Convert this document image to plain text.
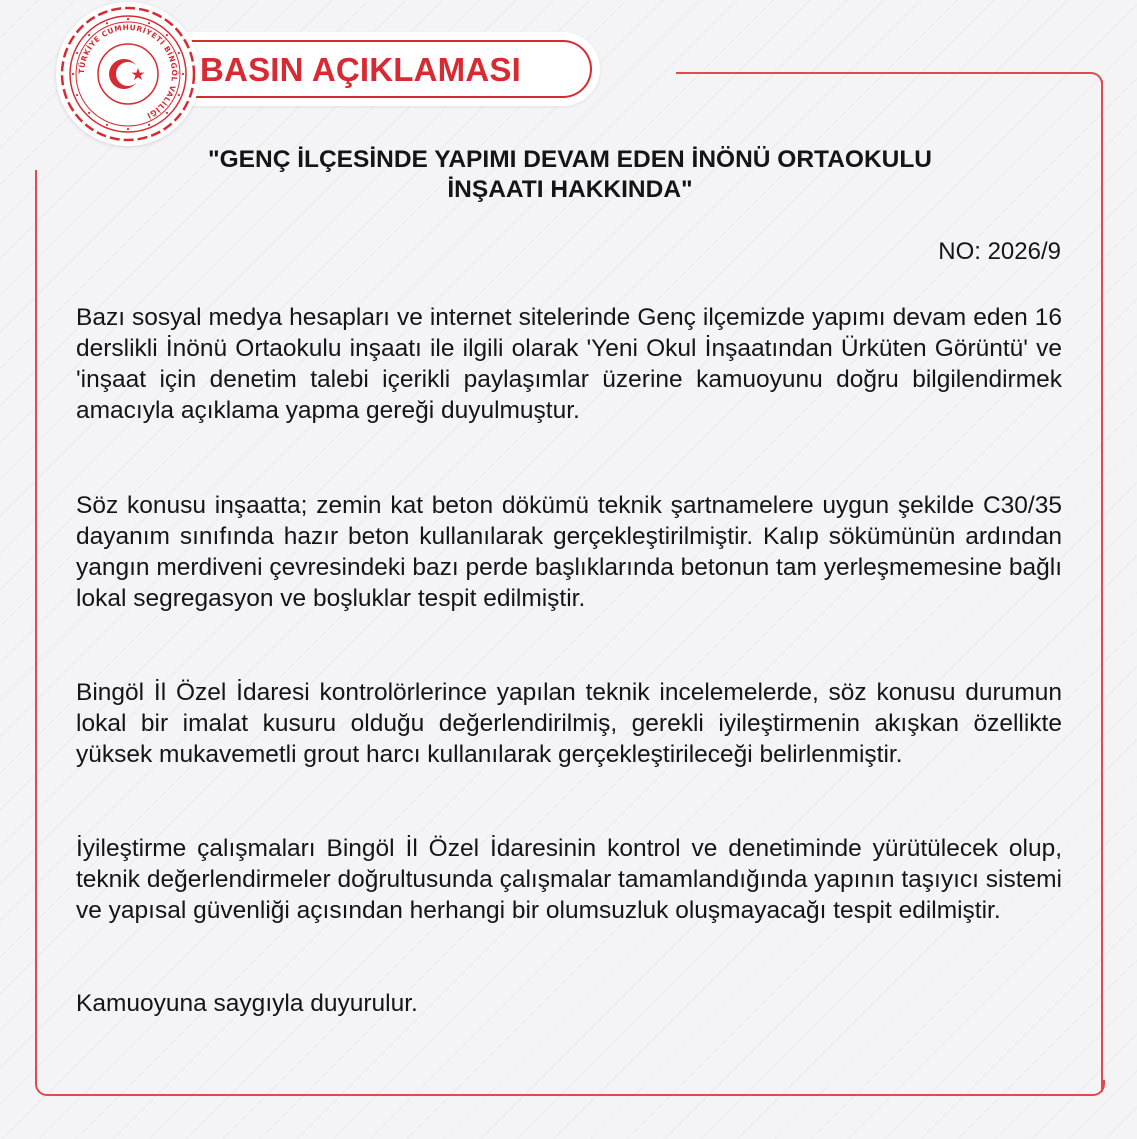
BASIN AÇIKLAMASI
TÜRKİYE CUMHURİYETİ BİNGÖL VALİLİĞİ
"GENÇ İLÇESİNDE YAPIMI DEVAM EDEN İNÖNÜ ORTAOKULU
İNŞAATI HAKKINDA"
NO: 2026/9
Bazı sosyal medya hesapları ve internet sitelerinde Genç ilçemizde yapımı devam eden 16 derslikli İnönü Ortaokulu inşaatı ile ilgili olarak 'Yeni Okul İnşaatından Ürküten Görüntü' ve 'inşaat için denetim talebi içerikli paylaşımlar üzerine kamuoyunu doğru bilgilendirmek amacıyla açıklama yapma gereği duyulmuştur.
Söz konusu inşaatta; zemin kat beton dökümü teknik şartnamelere uygun şekilde C30/35 dayanım sınıfında hazır beton kullanılarak gerçekleştirilmiştir. Kalıp sökümünün ardından yangın merdiveni çevresindeki bazı perde başlıklarında betonun tam yerleşmemesine bağlı lokal segregasyon ve boşluklar tespit edilmiştir.
Bingöl İl Özel İdaresi kontrolörlerince yapılan teknik incelemelerde, söz konusu durumun lokal bir imalat kusuru olduğu değerlendirilmiş, gerekli iyileştirmenin akışkan özellikte yüksek mukavemetli grout harcı kullanılarak gerçekleştirileceği belirlenmiştir.
İyileştirme çalışmaları Bingöl İl Özel İdaresinin kontrol ve denetiminde yürütülecek olup, teknik değerlendirmeler doğrultusunda çalışmalar tamamlandığında yapının taşıyıcı sistemi ve yapısal güvenliği açısından herhangi bir olumsuzluk oluşmayacağı tespit edilmiştir.
Kamuoyuna saygıyla duyurulur.
